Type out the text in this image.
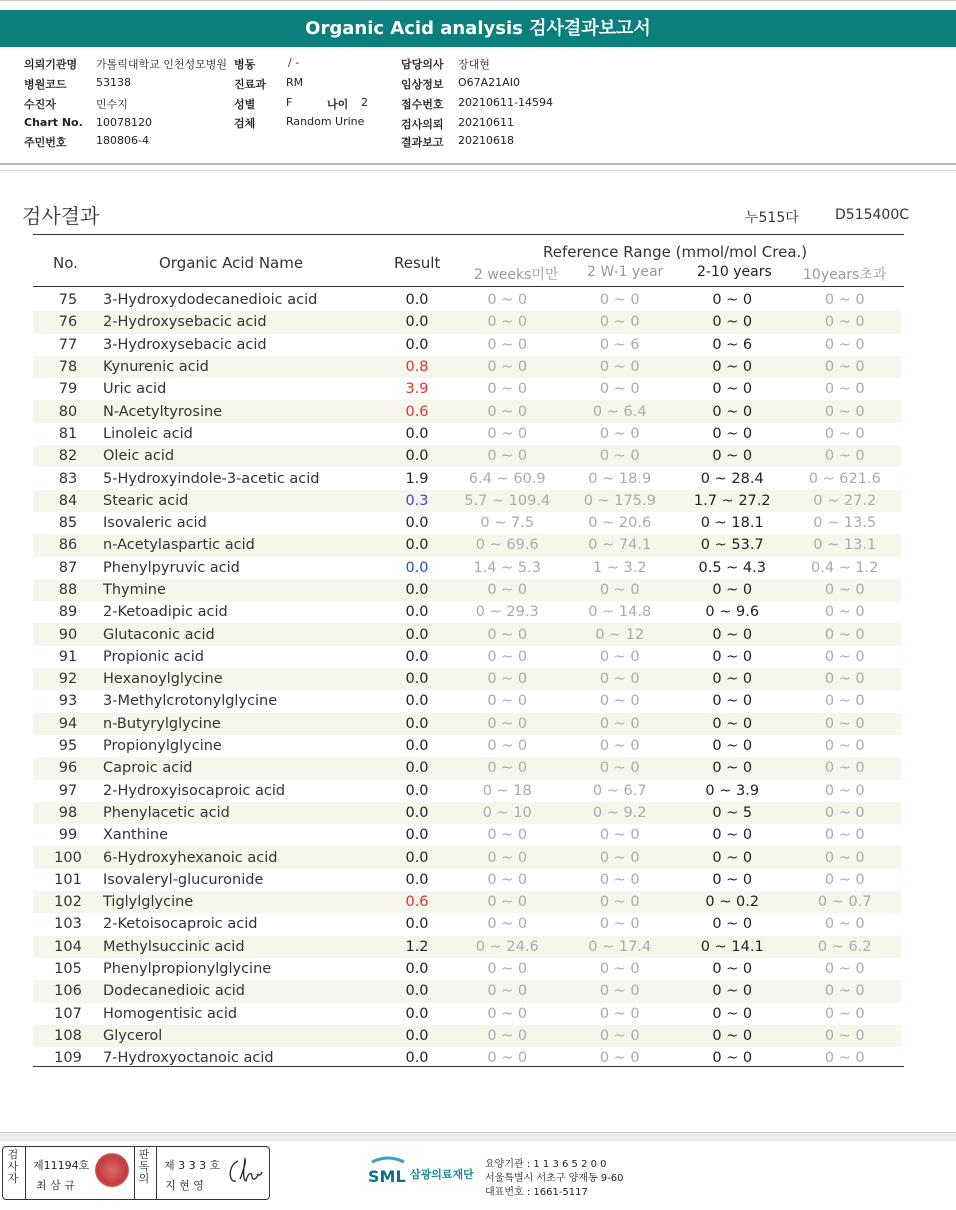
Organic Acid analysis 검사결과보고서
의뢰기관명 가톨릭대학교 인천성모병원 병동	/ -	담당의사 장대현
병원코드	53138	진료과 RM	임상정보 O67A21AI0
수진자	민수지	성별	F	나이 2	접수번호 20210611-14594
Chart No. 10078120	검체	Random Urine	검사의뢰 20210611
주민번호	180806-4	결과보고 20210618
검사결과	누515다	D515400C
No.	Organic Acid Name	Result
Reference Range (mmol/mol Crea.)
2 weeks미만 2 W-1 year 2-10 years 10years초과
75	3-Hydroxydodecanedioic acid	0.0	0 ~ 0	0 ~ 0	0 ~ 0	0 ~ 0
76	2-Hydroxysebacic acid	0.0	0 ~ 0	0 ~ 0	0 ~ 0	0 ~ 0
77	3-Hydroxysebacic acid	0.0	0 ~ 0	0 ~ 6	0 ~ 6	0 ~ 0
78	Kynurenic acid	0.8	0 ~ 0	0 ~ 0	0 ~ 0	0 ~ 0
79	Uric acid	3.9	0 ~ 0	0 ~ 0	0 ~ 0	0 ~ 0
80	N-Acetyltyrosine	0.6	0 ~ 0	0 ~ 6.4	0 ~ 0	0 ~ 0
81	Linoleic acid	0.0	0 ~ 0	0 ~ 0	0 ~ 0	0 ~ 0
82	Oleic acid	0.0	0 ~ 0	0 ~ 0	0 ~ 0	0 ~ 0
83	5-Hydroxyindole-3-acetic acid	1.9	6.4 ~ 60.9	0 ~ 18.9	0 ~ 28.4	0 ~ 621.6
84	Stearic acid	0.3	5.7 ~ 109.4	0 ~ 175.9	1.7 ~ 27.2	0 ~ 27.2
85	Isovaleric acid	0.0	0 ~ 7.5	0 ~ 20.6	0 ~ 18.1	0 ~ 13.5
86	n-Acetylaspartic acid	0.0	0 ~ 69.6	0 ~ 74.1	0 ~ 53.7	0 ~ 13.1
87	Phenylpyruvic acid	0.0	1.4 ~ 5.3	1 ~ 3.2	0.5 ~ 4.3	0.4 ~ 1.2
88	Thymine	0.0	0 ~ 0	0 ~ 0	0 ~ 0	0 ~ 0
89	2-Ketoadipic acid	0.0	0 ~ 29.3	0 ~ 14.8	0 ~ 9.6	0 ~ 0
90	Glutaconic acid	0.0	0 ~ 0	0 ~ 12	0 ~ 0	0 ~ 0
91	Propionic acid	0.0	0 ~ 0	0 ~ 0	0 ~ 0	0 ~ 0
92	Hexanoylglycine	0.0	0 ~ 0	0 ~ 0	0 ~ 0	0 ~ 0
93	3-Methylcrotonylglycine	0.0	0 ~ 0	0 ~ 0	0 ~ 0	0 ~ 0
94	n-Butyrylglycine	0.0	0 ~ 0	0 ~ 0	0 ~ 0	0 ~ 0
95	Propionylglycine	0.0	0 ~ 0	0 ~ 0	0 ~ 0	0 ~ 0
96	Caproic acid	0.0	0 ~ 0	0 ~ 0	0 ~ 0	0 ~ 0
97	2-Hydroxyisocaproic acid	0.0	0 ~ 18	0 ~ 6.7	0 ~ 3.9	0 ~ 0
98	Phenylacetic acid	0.0	0 ~ 10	0 ~ 9.2	0 ~ 5	0 ~ 0
99	Xanthine	0.0	0 ~ 0	0 ~ 0	0 ~ 0	0 ~ 0
100	6-Hydroxyhexanoic acid	0.0	0 ~ 0	0 ~ 0	0 ~ 0	0 ~ 0
101	Isovaleryl-glucuronide	0.0	0 ~ 0	0 ~ 0	0 ~ 0	0 ~ 0
102	Tiglylglycine	0.6	0 ~ 0	0 ~ 0	0 ~ 0.2	0 ~ 0.7
103	2-Ketoisocaproic acid	0.0	0 ~ 0	0 ~ 0	0 ~ 0	0 ~ 0
104	Methylsuccinic acid	1.2	0 ~ 24.6	0 ~ 17.4	0 ~ 14.1	0 ~ 6.2
105	Phenylpropionylglycine	0.0	0 ~ 0	0 ~ 0	0 ~ 0	0 ~ 0
106	Dodecanedioic acid	0.0	0 ~ 0	0 ~ 0	0 ~ 0	0 ~ 0
107	Homogentisic acid	0.0	0 ~ 0	0 ~ 0	0 ~ 0	0 ~ 0
108	Glycerol	0.0	0 ~ 0	0 ~ 0	0 ~ 0	0 ~ 0
109	7-Hydroxyoctanoic acid	0.0	0 ~ 0	0 ~ 0	0 ~ 0	0 ~ 0
검사자
제11194호
최 삼 규
판독의
제 3 3 3 호
지 현 영	SML 삼광의료재단
요양기관 : 1 1 3 6 5 2 0 0
서울특별시 서초구 양재동 9-60
대표번호 : 1661-5117
